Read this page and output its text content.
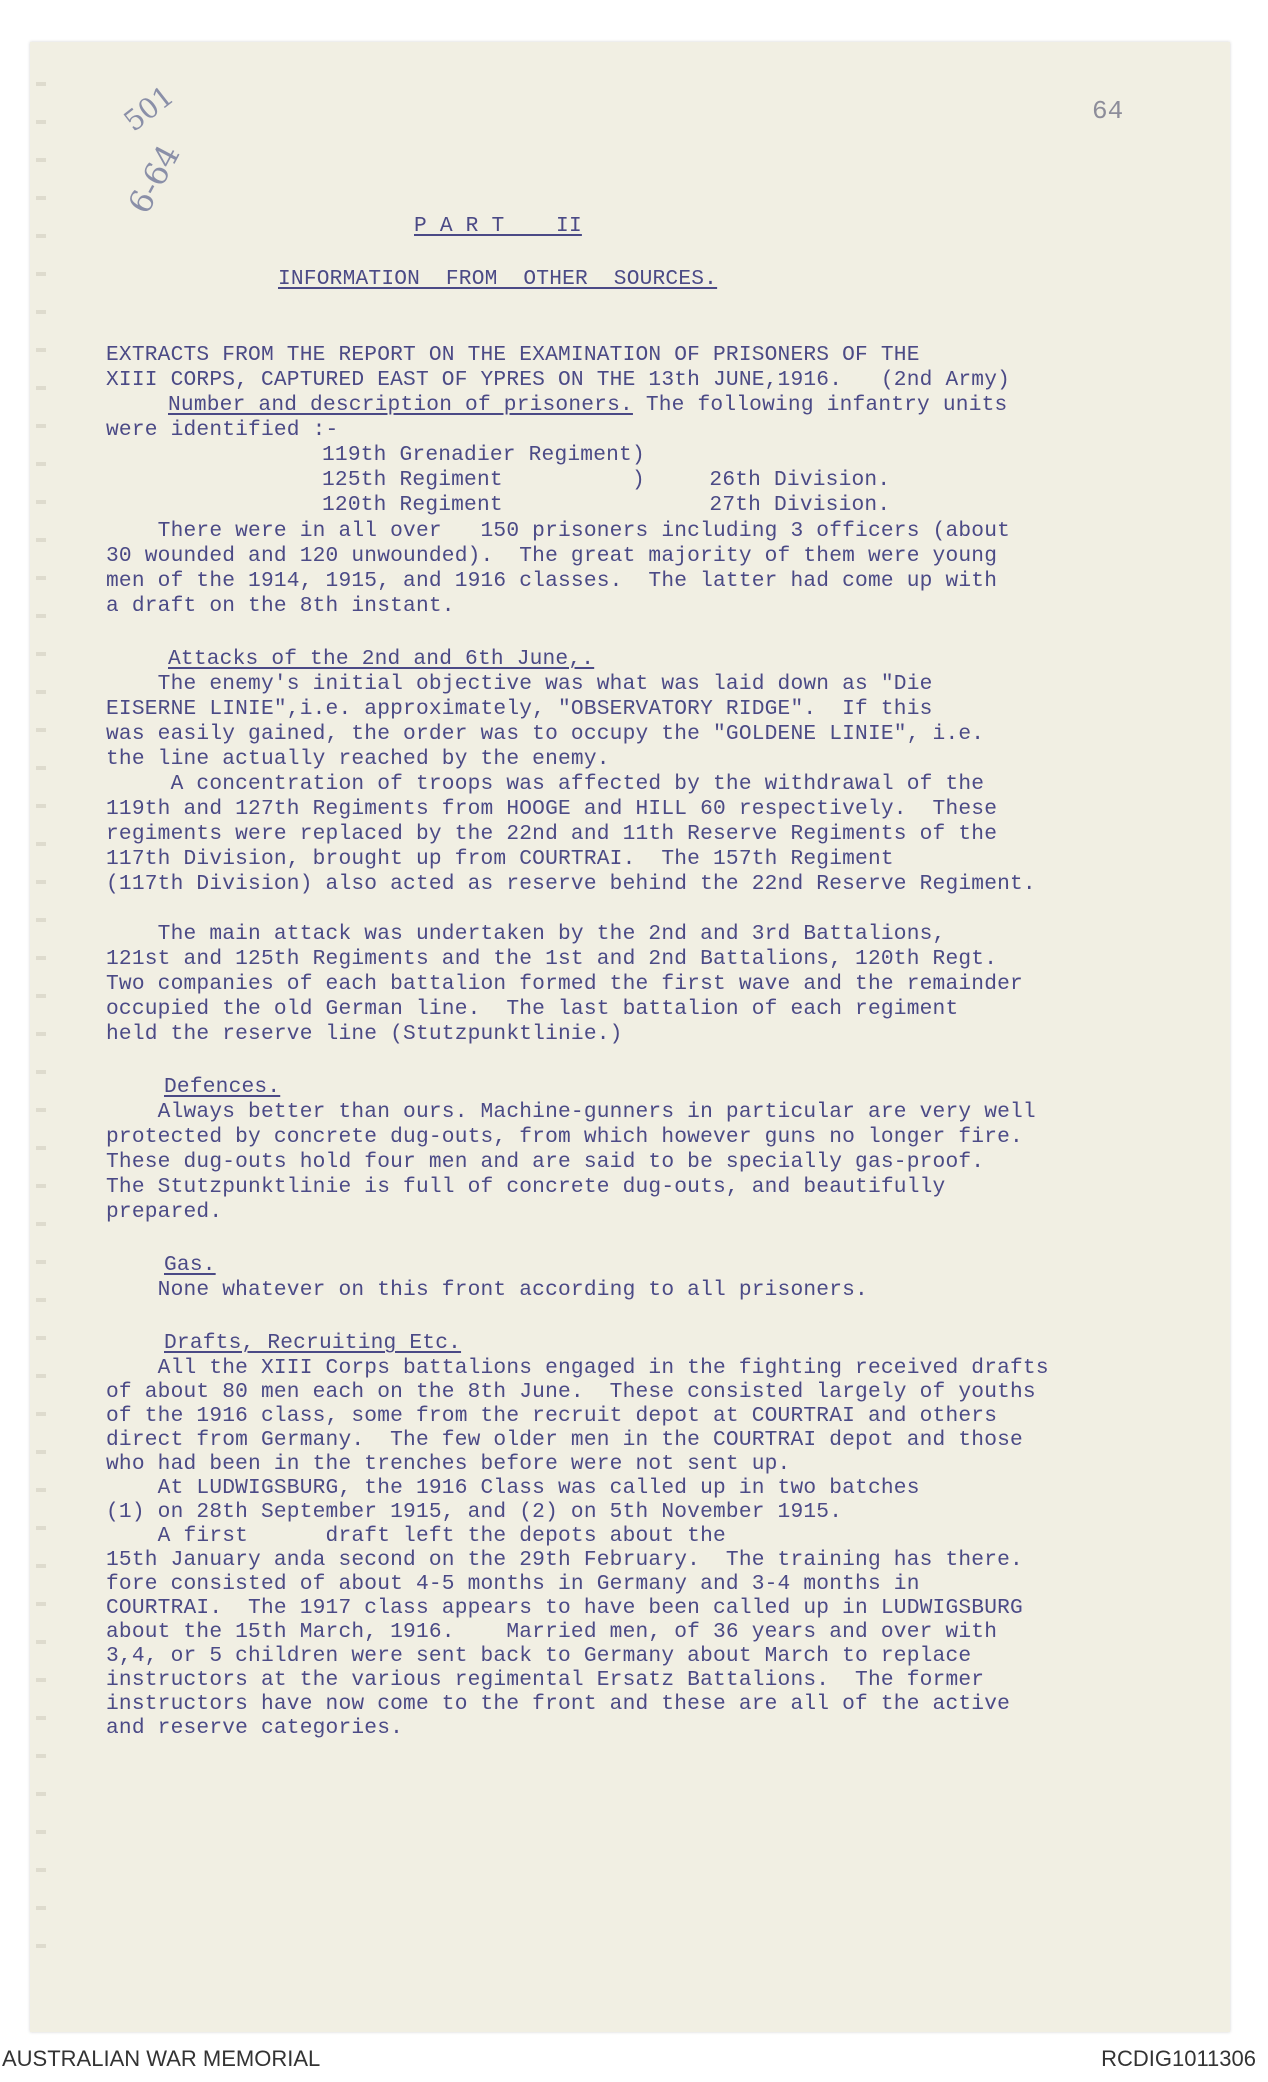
501
6-64
64
P A R T    II
INFORMATION  FROM  OTHER  SOURCES.
EXTRACTS FROM THE REPORT ON THE EXAMINATION OF PRISONERS OF THE
XIII CORPS, CAPTURED EAST OF YPRES ON THE 13th JUNE,1916.   (2nd Army)
Number and description of prisoners. The following infantry units
were identified :-
119th Grenadier Regiment)
125th Regiment          )     26th Division.
120th Regiment                27th Division.
There were in all over   150 prisoners including 3 officers (about
30 wounded and 120 unwounded).  The great majority of them were young
men of the 1914, 1915, and 1916 classes.  The latter had come up with
a draft on the 8th instant.
Attacks of the 2nd and 6th June,.
The enemy's initial objective was what was laid down as "Die
EISERNE LINIE",i.e. approximately, "OBSERVATORY RIDGE".  If this
was easily gained, the order was to occupy the "GOLDENE LINIE", i.e.
the line actually reached by the enemy.
A concentration of troops was affected by the withdrawal of the
119th and 127th Regiments from HOOGE and HILL 60 respectively.  These
regiments were replaced by the 22nd and 11th Reserve Regiments of the
117th Division, brought up from COURTRAI.  The 157th Regiment
(117th Division) also acted as reserve behind the 22nd Reserve Regiment.
The main attack was undertaken by the 2nd and 3rd Battalions,
121st and 125th Regiments and the 1st and 2nd Battalions, 120th Regt.
Two companies of each battalion formed the first wave and the remainder
occupied the old German line.  The last battalion of each regiment
held the reserve line (Stutzpunktlinie.)
Defences.
Always better than ours. Machine-gunners in particular are very well
protected by concrete dug-outs, from which however guns no longer fire.
These dug-outs hold four men and are said to be specially gas-proof.
The Stutzpunktlinie is full of concrete dug-outs, and beautifully
prepared.
Gas.
None whatever on this front according to all prisoners.
Drafts, Recruiting Etc.
All the XIII Corps battalions engaged in the fighting received drafts
of about 80 men each on the 8th June.  These consisted largely of youths
of the 1916 class, some from the recruit depot at COURTRAI and others
direct from Germany.  The few older men in the COURTRAI depot and those
who had been in the trenches before were not sent up.
At LUDWIGSBURG, the 1916 Class was called up in two batches
(1) on 28th September 1915, and (2) on 5th November 1915.
A first      draft left the depots about the
15th January anda second on the 29th February.  The training has there.
fore consisted of about 4-5 months in Germany and 3-4 months in
COURTRAI.  The 1917 class appears to have been called up in LUDWIGSBURG
about the 15th March, 1916.    Married men, of 36 years and over with
3,4, or 5 children were sent back to Germany about March to replace
instructors at the various regimental Ersatz Battalions.  The former
instructors have now come to the front and these are all of the active
and reserve categories.
AUSTRALIAN WAR MEMORIAL	RCDIG1011306
